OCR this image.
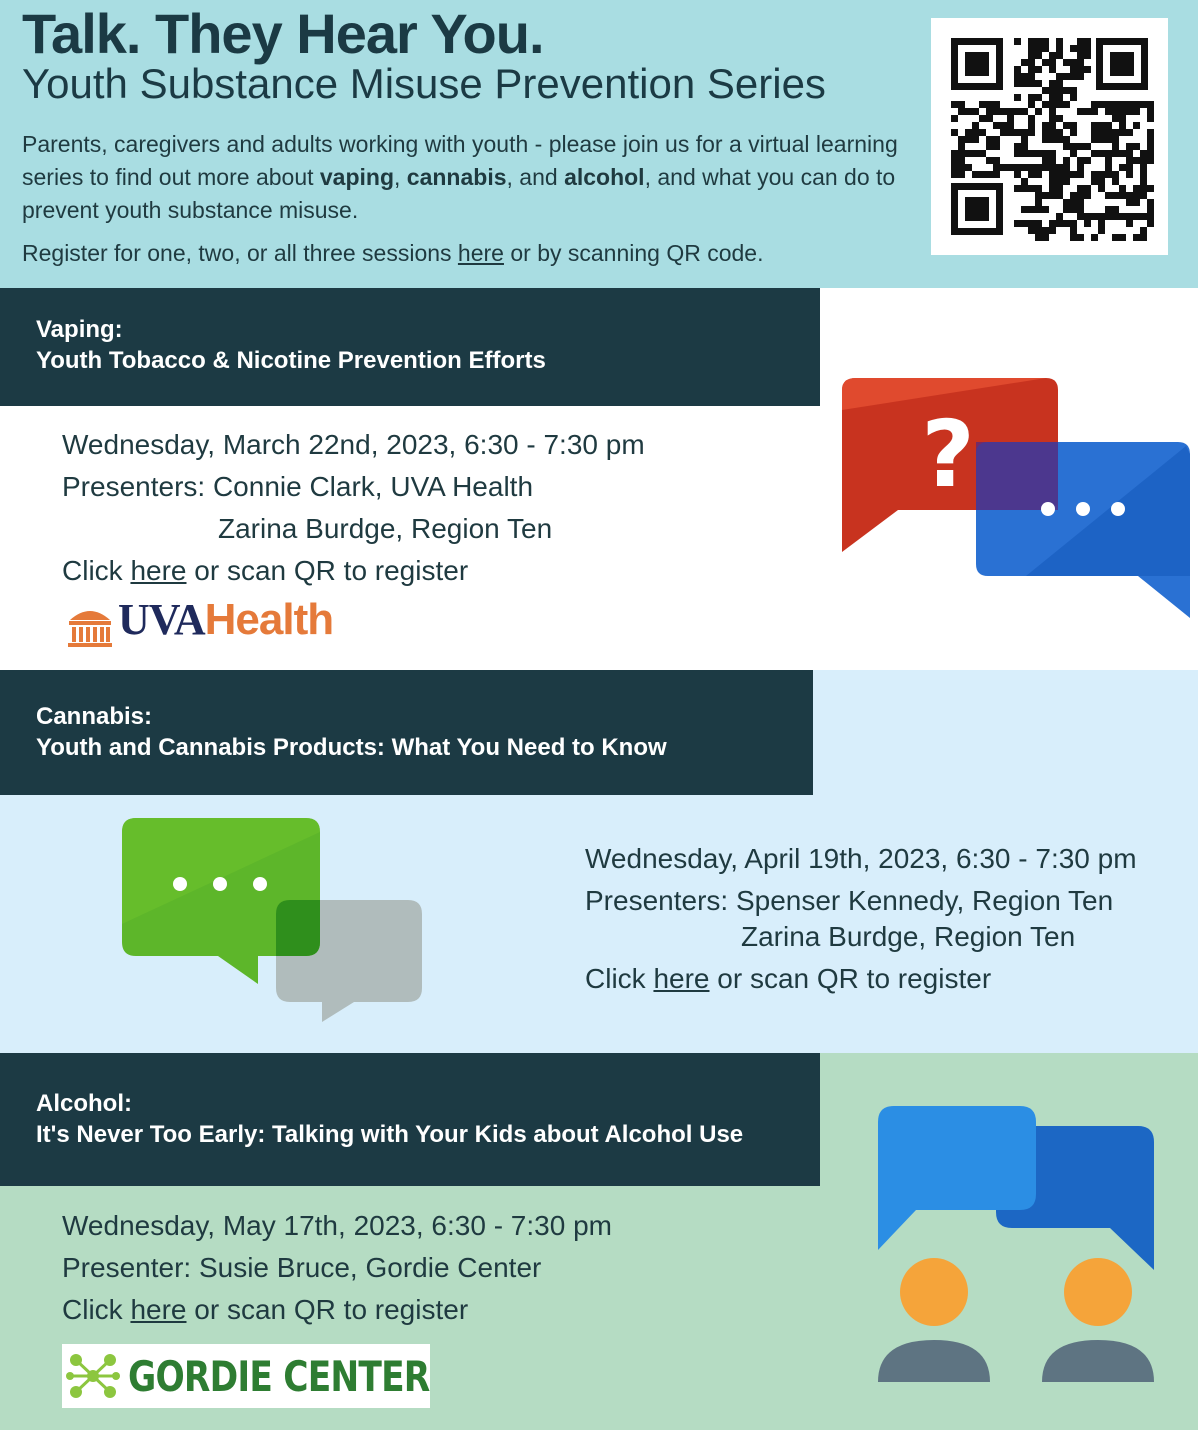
Talk. They Hear You.
Youth Substance Misuse Prevention Series
Parents, caregivers and adults working with youth - please join us for a virtual learning series to find out more about vaping, cannabis, and alcohol, and what you can do to prevent youth substance misuse.
Register for one, two, or all three sessions here or by scanning QR code.
Vaping:
Youth Tobacco & Nicotine Prevention Efforts
Wednesday, March 22nd, 2023, 6:30 - 7:30 pm
Presenters: Connie Clark, UVA Health
Zarina Burdge, Region Ten
Click here or scan QR to register
UVAHealth
?
Cannabis:
Youth and Cannabis Products: What You Need to Know
Wednesday, April 19th, 2023, 6:30 - 7:30 pm
Presenters: Spenser Kennedy, Region Ten
Zarina Burdge, Region Ten
Click here or scan QR to register
Alcohol:
It's Never Too Early: Talking with Your Kids about Alcohol Use
Wednesday, May 17th, 2023, 6:30 - 7:30 pm
Presenter: Susie Bruce, Gordie Center
Click here or scan QR to register
GORDIE CENTER
